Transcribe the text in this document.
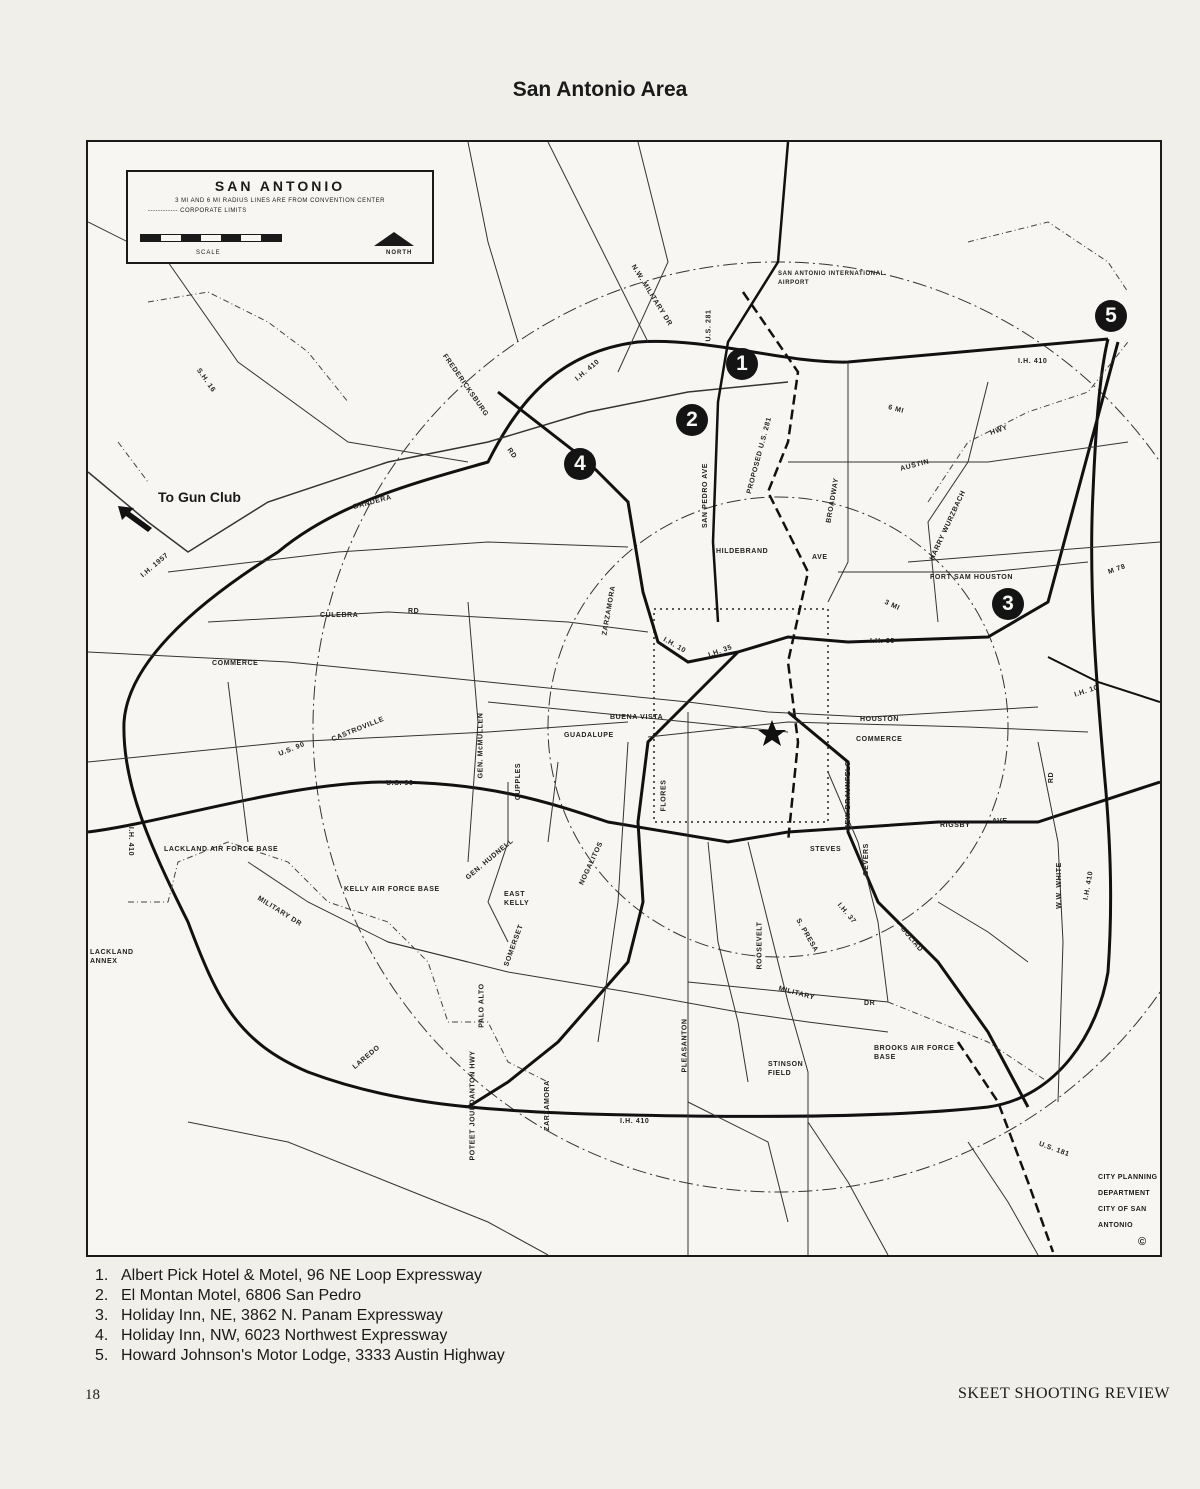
San Antonio Area
SAN ANTONIO
3 MI AND 6 MI RADIUS LINES ARE FROM CONVENTION CENTER
------------ CORPORATE LIMITS
SCALE	NORTH
1
2
3
4
5
To Gun Club
S.H. 16	FREDERICKSBURG
RD
N.W. MILITARY DR	U.S. 281
SAN ANTONIO INTERNATIONAL AIRPORT
I.H. 410
I.H. 410
6 MI
HWY
AUSTIN
BANDERA
I.H. 1957
SAN PEDRO AVE
PROPOSED U.S. 281
BROADWAY	HARRY WURZBACH
HILDEBRAND
AVE
FORT SAM HOUSTON
M 78
ZARZAMORA
CULEBRA
RD	3 MI
COMMERCE
I.H. 10	I.H. 35
I.H. 35
CASTROVILLE
U.S. 90	GEN. McMULLEN	BUENA VISTA
GUADALUPE
HOUSTON
COMMERCE
I.H. 10
RIGSBY
AVE
CUPPLES
U.S. 90
LACKLAND AIR FORCE BASE
KELLY AIR FORCE BASE
EAST KELLY
GEN. HUDNELL	NOGALITOS	STEVES
FLORES	NEW BRAUNFELS
GEVERS
W.W. WHITE
RD
GOLIAD
LACKLAND ANNEX
MILITARY DR
SOMERSET
PLEASANTON
ROOSEVELT	S. PRESA
MILITARY
DR
BROOKS AIR FORCE BASE
STINSON FIELD
LAREDO
ZARZAMORA	I.H. 410
U.S. 181
POTEET JOURDANTON HWY
PALO ALTO
I.H. 37
I.H. 410
I.H. 410
CITY PLANNING DEPARTMENT
CITY OF SAN ANTONIO
©
1. Albert Pick Hotel & Motel, 96 NE Loop Expressway
2. El Montan Motel, 6806 San Pedro
3. Holiday Inn, NE, 3862 N. Panam Expressway
4. Holiday Inn, NW, 6023 Northwest Expressway
5. Howard Johnson's Motor Lodge, 3333 Austin Highway
18	SKEET SHOOTING REVIEW
